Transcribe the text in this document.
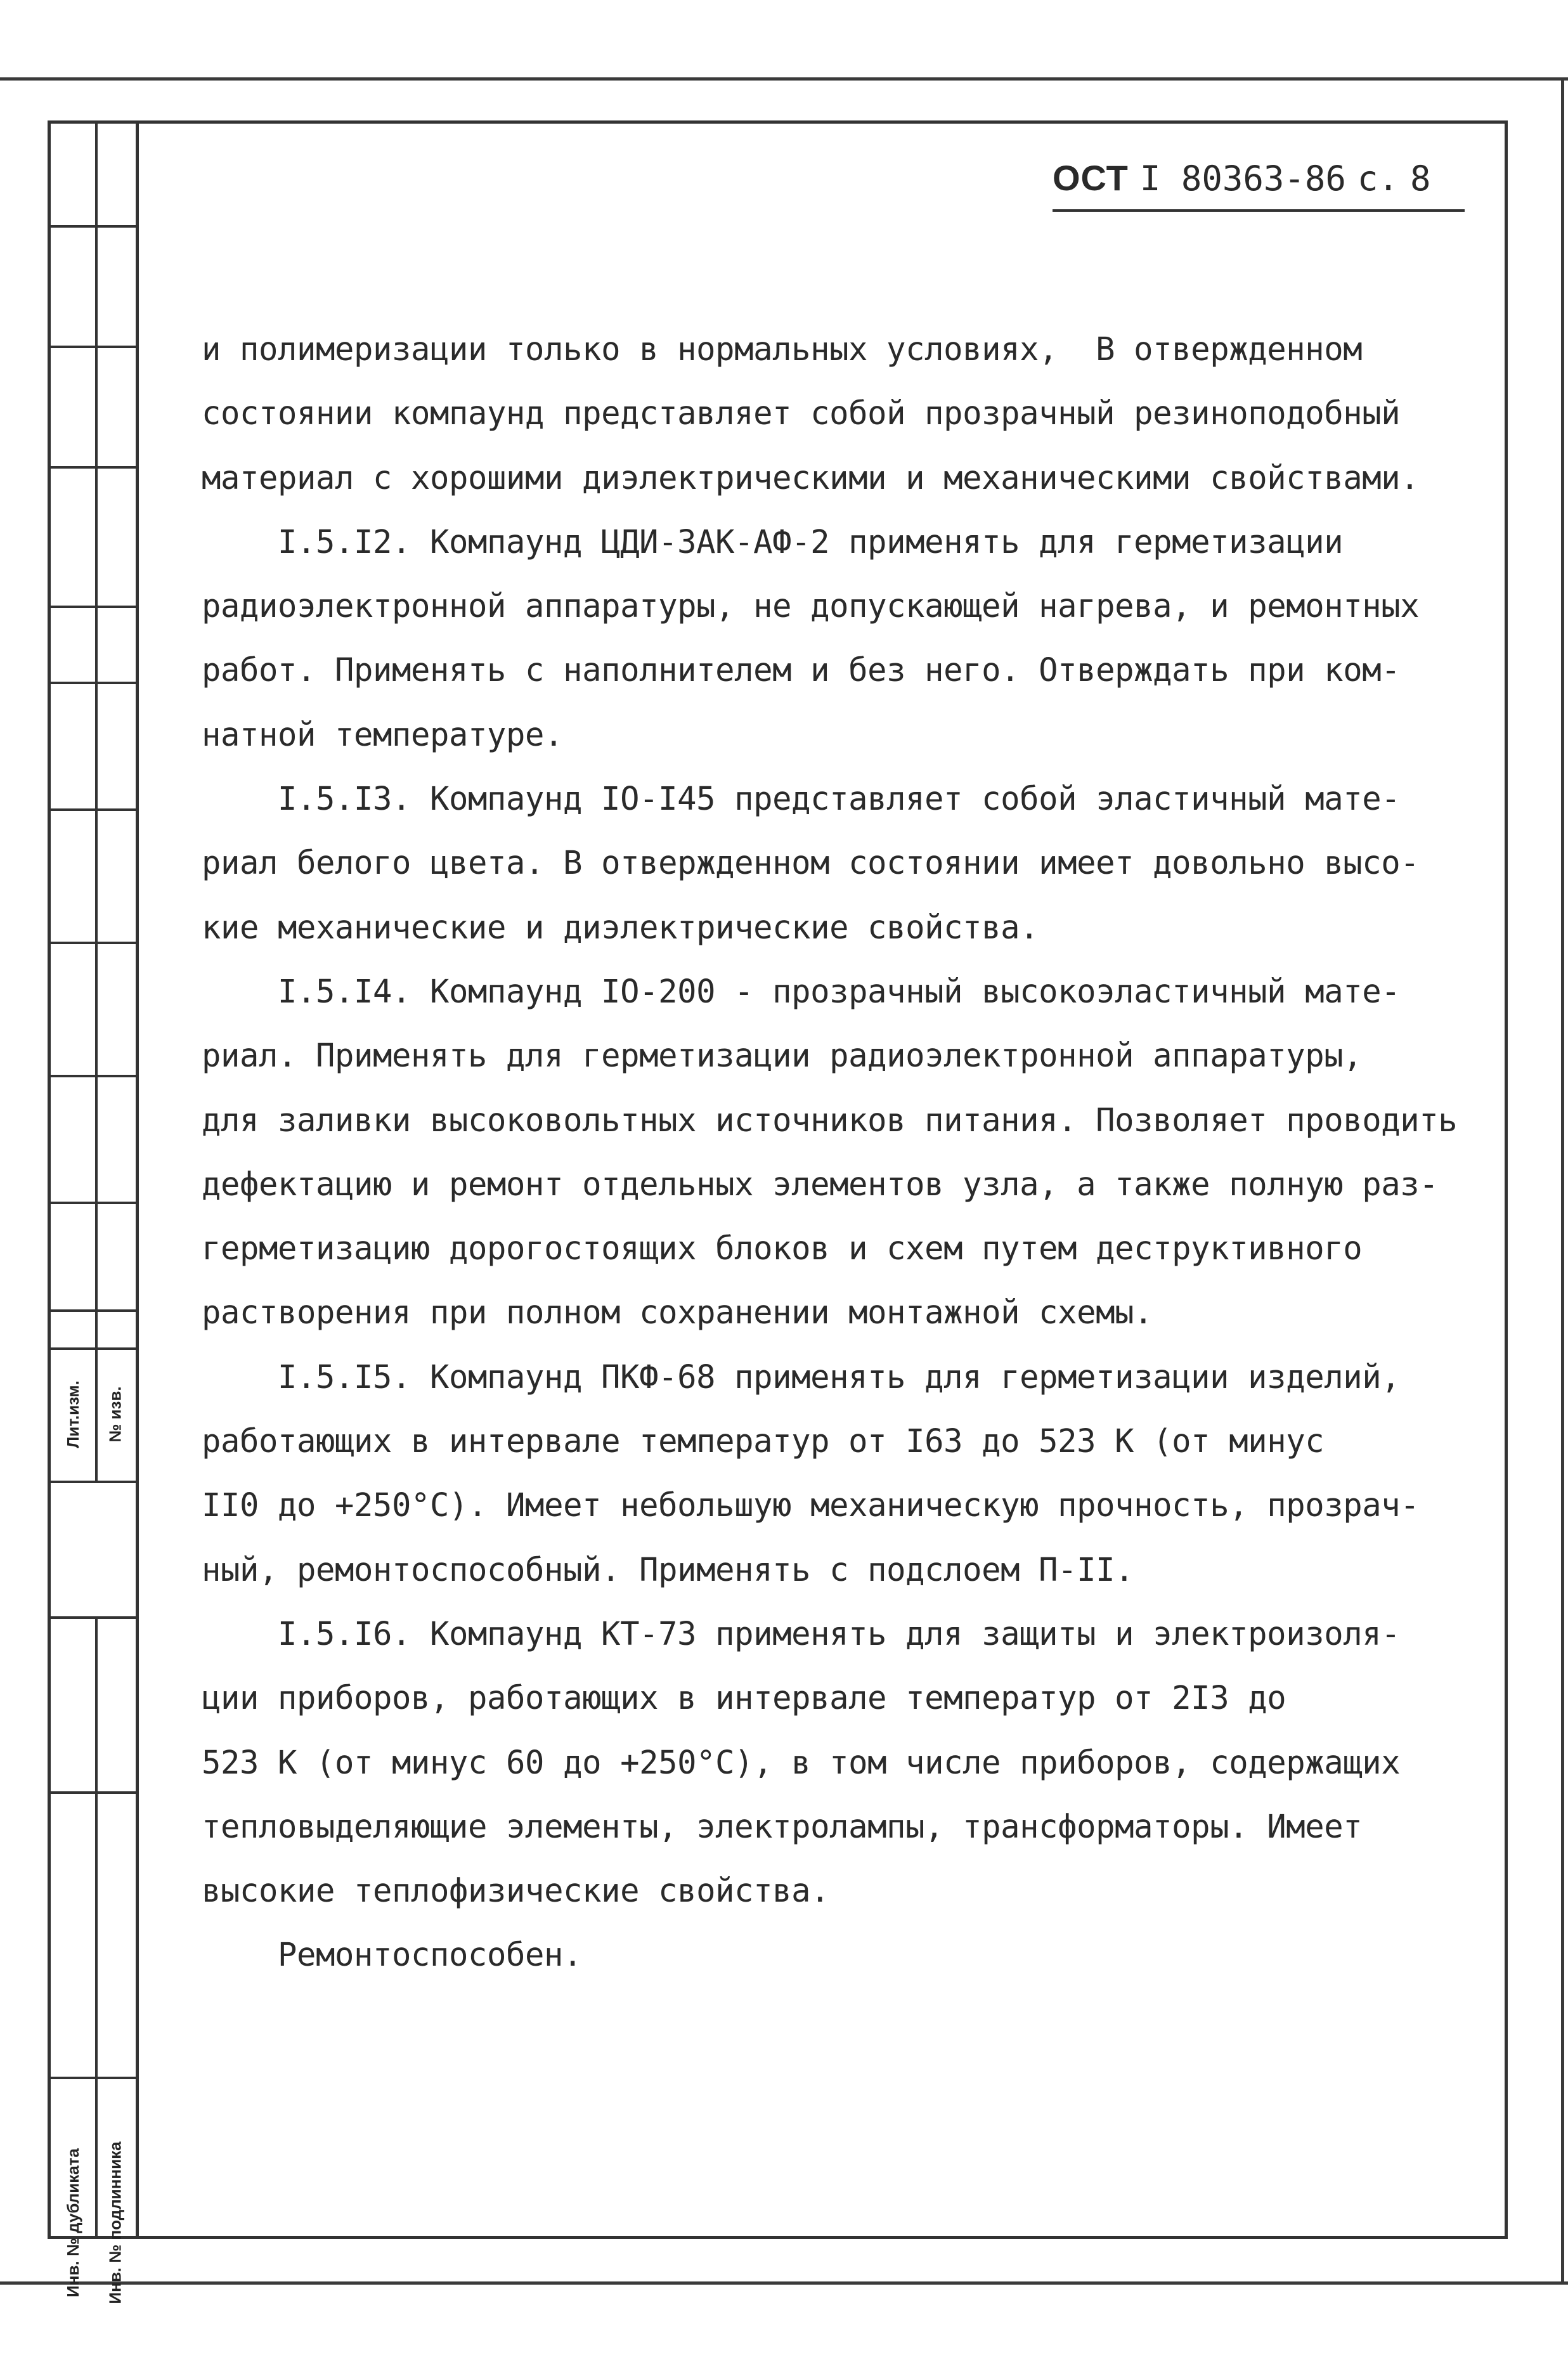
Лит.изм. № изв.
Инв. № дубликата Инв. № подлинника
ОСТ I 80363-86 с. 8

и полимеризации только в нормальных условиях,  В отвержденном

состоянии компаунд представляет собой прозрачный резиноподобный

материал с хорошими диэлектрическими и механическими свойствами.

I.5.I2. Компаунд ЦДИ-ЗАК-АФ-2 применять для герметизации

радиоэлектронной аппаратуры, не допускающей нагрева, и ремонтных

работ. Применять с наполнителем и без него. Отверждать при ком-

натной температуре.

I.5.I3. Компаунд IO-I45 представляет собой эластичный мате-

риал белого цвета. В отвержденном состоянии имеет довольно высо-

кие механические и диэлектрические свойства.

I.5.I4. Компаунд IO-200 - прозрачный высокоэластичный мате-

риал. Применять для герметизации радиоэлектронной аппаратуры,

для заливки высоковольтных источников питания. Позволяет проводить

дефектацию и ремонт отдельных элементов узла, а также полную раз-

герметизацию дорогостоящих блоков и схем путем деструктивного

растворения при полном сохранении монтажной схемы.

I.5.I5. Компаунд ПКФ-68 применять для герметизации изделий,

работающих в интервале температур от I63 до 523 К (от минус

II0 до +250°С). Имеет небольшую механическую прочность, прозрач-

ный, ремонтоспособный. Применять с подслоем П-II.

I.5.I6. Компаунд КТ-73 применять для защиты и электроизоля-

ции приборов, работающих в интервале температур от 2I3 до

523 К (от минус 60 до +250°С), в том числе приборов, содержащих

тепловыделяющие элементы, электролампы, трансформаторы. Имеет

высокие теплофизические свойства.

Ремонтоспособен.
